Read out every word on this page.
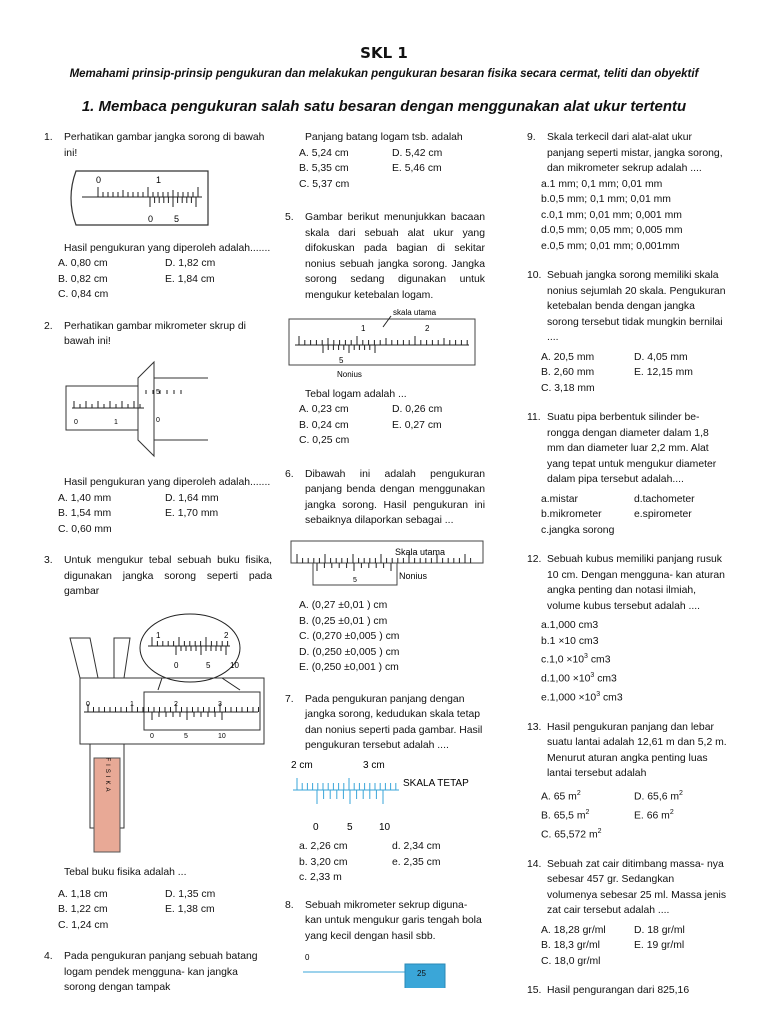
SKL 1
Memahami prinsip-prinsip pengukuran dan melakukan pengukuran besaran fisika secara cermat, teliti dan obyektif
1. Membaca pengukuran salah satu besaran dengan menggunakan alat ukur tertentu
1.	Perhatikan gambar jangka sorong di bawah ini!
0	1
0 5
Hasil pengukuran yang diperoleh adalah.......
A. 0,80 cm	D. 1,82 cm
B. 0,82 cm	E. 1,84 cm
C. 0,84 cm
2.	Perhatikan gambar mikrometer skrup di bawah ini!
0	1
5
0
Hasil pengukuran yang diperoleh adalah.......
A. 1,40 mm	D. 1,64 mm
B. 1,54 mm	E. 1,70 mm
C. 0,60 mm
3.	Untuk mengukur tebal sebuah buku fisika, digunakan jangka sorong seperti pada gambar
1	2
0	5 10
0	1	2	3
0	5	10
FISIKA
Tebal buku fisika adalah ...
A. 1,18 cm	D. 1,35 cm
B. 1,22 cm	E. 1,38 cm
C. 1,24 cm
4.	Pada pengukuran panjang sebuah batang logam pendek mengguna- kan jangka sorong dengan tampak
Panjang batang logam tsb. adalah
A. 5,24 cm	D. 5,42 cm
B. 5,35 cm	E. 5,46 cm
C. 5,37 cm
5.	Gambar berikut menunjukkan bacaan skala dari sebuah alat ukur yang difokuskan pada bagian di sekitar nonius sebuah jangka sorong. Jangka sorong sedang digunakan untuk mengukur ketebalan logam.
skala utama
1	2
5
Nonius
Tebal logam adalah ...
A. 0,23 cm	D. 0,26 cm
B. 0,24 cm	E. 0,27 cm
C. 0,25 cm
6.	Dibawah ini adalah pengukuran panjang benda dengan menggunakan jangka sorong. Hasil pengukuran ini sebaiknya dilaporkan sebagai ...
Skala utama
Nonius
5
A. (0,27 ±0,01 ) cm
B. (0,25 ±0,01 ) cm
C. (0,270 ±0,005 ) cm
D. (0,250 ±0,005 ) cm
E. (0,250 ±0,001 ) cm
7.	Pada pengukuran panjang dengan jangka sorong, kedudukan skala tetap dan nonius seperti pada gambar. Hasil pengukuran tersebut adalah ....
2 cm	3 cm
SKALA TETAP
0	5	10
a. 2,26 cm	d. 2,34 cm
b. 3,20 cm	e. 2,35 cm
c. 2,33 m
8.	Sebuah mikrometer sekrup diguna- kan untuk mengukur garis tengah bola yang kecil dengan hasil sbb.
0
25
9.	Skala terkecil dari alat-alat ukur panjang seperti mistar, jangka sorong, dan mikrometer sekrup adalah ....
a.1 mm; 0,1 mm; 0,01 mm
b.0,5 mm; 0,1 mm; 0,01 mm
c.0,1 mm; 0,01 mm; 0,001 mm
d.0,5 mm; 0,05 mm; 0,005 mm
e.0,5 mm; 0,01 mm; 0,001mm
10. Sebuah jangka sorong memiliki skala nonius sejumlah 20 skala. Pengukuran ketebalan benda dengan jangka sorong tersebut tidak mungkin bernilai ....
A. 20,5 mm	D. 4,05 mm
B. 2,60 mm	E. 12,15 mm
C. 3,18 mm
11. Suatu pipa berbentuk silinder be- rongga dengan diameter dalam 1,8 mm dan diameter luar 2,2 mm. Alat yang tepat untuk mengukur diameter dalam pipa tersebut adalah....
a.mistar	d.tachometer
b.mikrometer	e.spirometer
c.jangka sorong
12. Sebuah kubus memiliki panjang rusuk 10 cm. Dengan mengguna- kan aturan angka penting dan notasi ilmiah, volume kubus tersebut adalah ....
a.1,000 cm3
b.1 ×10 cm3
$c.1,0 \times 10^3$ cm3
$d.1,00 \times 10^3$ cm3
$e.1,000 \times 10^3$ cm3
13. Hasil pengukuran panjang dan lebar suatu lantai adalah 12,61 m dan 5,2 m. Menurut aturan angka penting luas lantai tersebut adalah
A. 65 $m^2$	D. 65,6 $m^2$
B. 65,5 $m^2$	E. 66 $m^2$
C. 65,572 $m^2$
14. Sebuah zat cair ditimbang massa- nya sebesar 457 gr. Sedangkan volumenya sebesar 25 ml. Massa jenis zat cair tersebut adalah ....
A. 18,28 gr/ml	D. 18 gr/ml
B. 18,3 gr/ml	E. 19 gr/ml
C. 18,0 gr/ml
15. Hasil pengurangan dari 825,16
